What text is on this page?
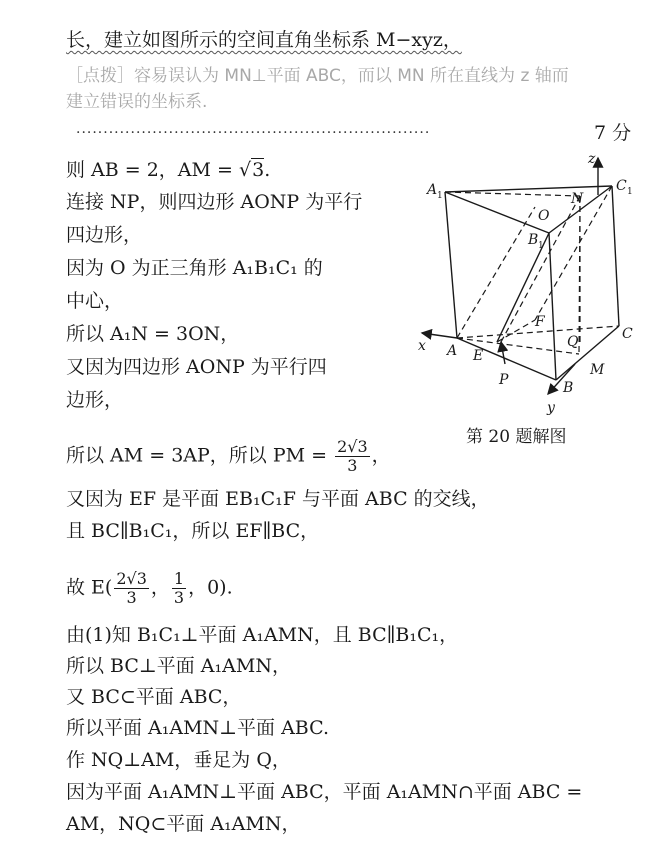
长，建立如图所示的空间直角坐标系 M−xyz，
［点拨］容易误认为 MN⊥平面 ABC，而以 MN 所在直线为 z 轴而
建立错误的坐标系.
·································································	7 分
则 AB = 2，AM = √3.
连接 NP，则四边形 AONP 为平行
四边形，
因为 O 为正三角形 A₁B₁C₁ 的
中心，
所以 A₁N = 3ON，
又因为四边形 AONP 为平行四
边形，
所以 AM = 3AP，所以 PM = $\frac{2√3}{3}$ ，
又因为 EF 是平面 EB₁C₁F 与平面 ABC 的交线，
且 BC∥B₁C₁，所以 EF∥BC，
故 $E( \frac{2√3}{3}$ ， $\frac{1}{3}$ ，0).
由(1)知 B₁C₁⊥平面 A₁AMN，且 BC∥B₁C₁，
所以 BC⊥平面 A₁AMN，
又 BC⊂平面 ABC，
所以平面 A₁AMN⊥平面 ABC.
作 NQ⊥AM，垂足为 Q，
因为平面 A₁AMN⊥平面 ABC，平面 A₁AMN∩平面 ABC =
AM，NQ⊂平面 A₁AMN，
z
C 1
A 1	N
O
B 1
F
x A E
Q	C
P
M
B
y
第 20 题解图
